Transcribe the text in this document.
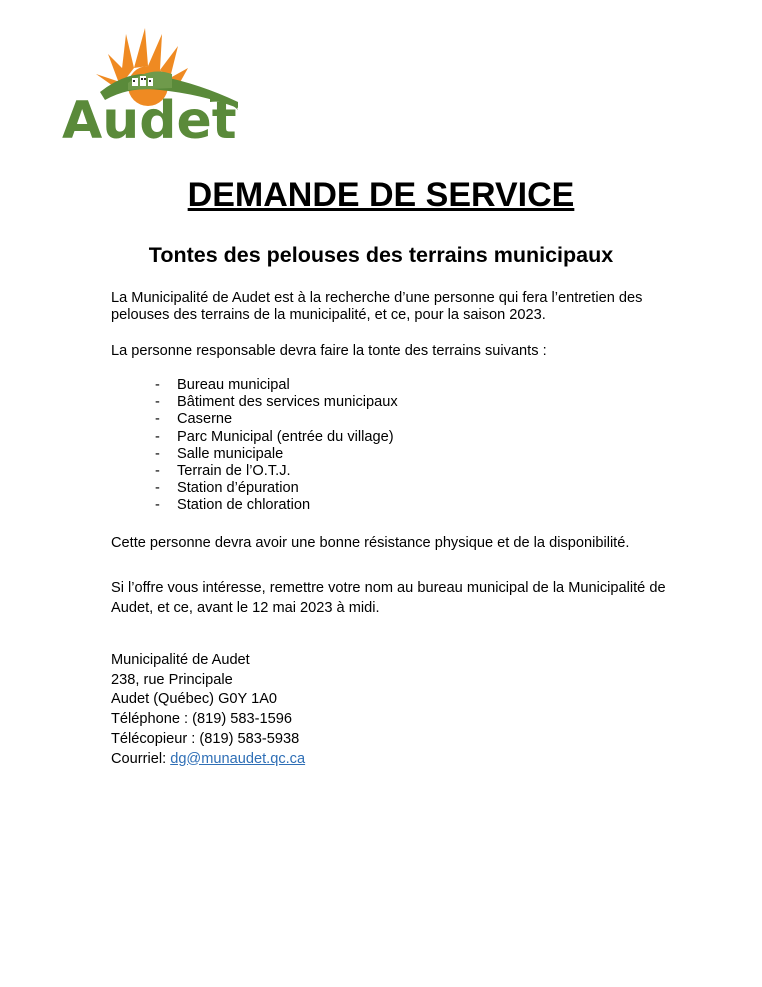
Audet
DEMANDE DE SERVICE
Tontes des pelouses des terrains municipaux
La Municipalité de Audet est à la recherche d’une personne qui fera l’entretien des pelouses des terrains de la municipalité, et ce, pour la saison 2023.
La personne responsable devra faire la tonte des terrains suivants :
- Bureau municipal
- Bâtiment des services municipaux
- Caserne
- Parc Municipal (entrée du village)
- Salle municipale
- Terrain de l’O.T.J.
- Station d’épuration
- Station de chloration
Cette personne devra avoir une bonne résistance physique et de la disponibilité.
Si l’offre vous intéresse, remettre votre nom au bureau municipal de la Municipalité de Audet, et ce, avant le 12 mai 2023 à midi.
Municipalité de Audet
238, rue Principale
Audet (Québec) G0Y 1A0
Téléphone : (819) 583-1596
Télécopieur : (819) 583-5938
Courriel: dg@munaudet.qc.ca
